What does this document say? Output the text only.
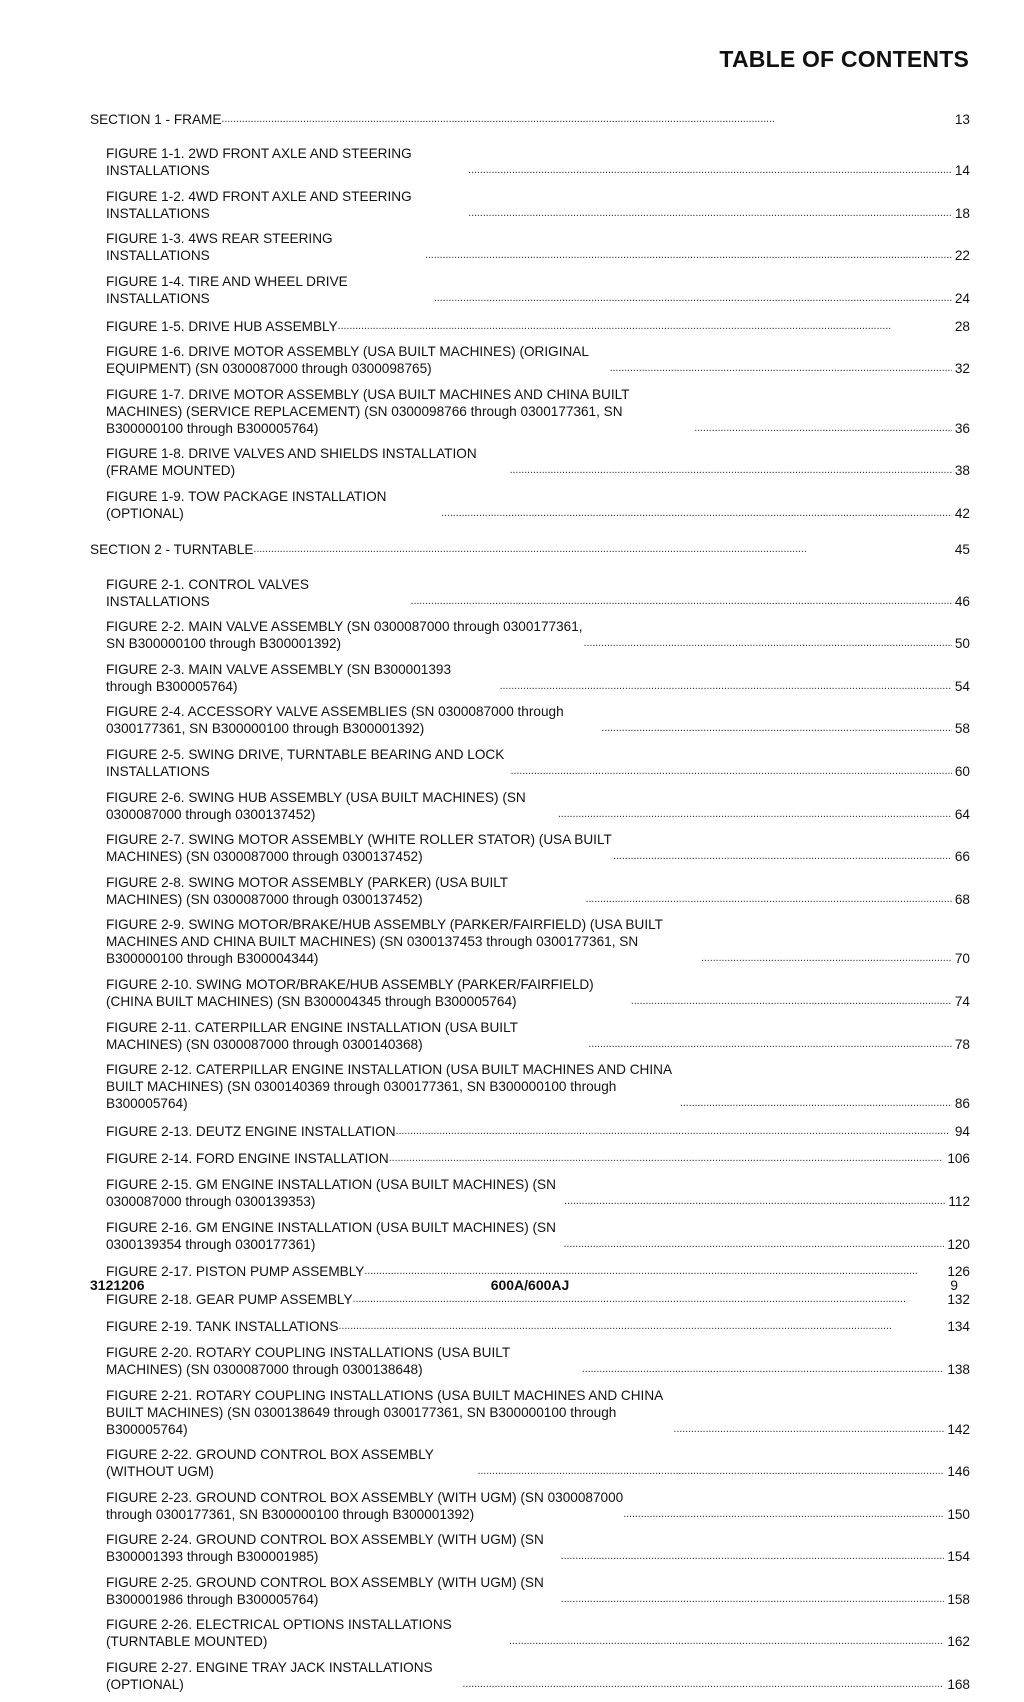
TABLE OF CONTENTS
SECTION 1 - FRAME . . .	13
FIGURE 1-1. 2WD FRONT AXLE AND STEERING INSTALLATIONS . . .	14
FIGURE 1-2. 4WD FRONT AXLE AND STEERING INSTALLATIONS . . .	18
FIGURE 1-3. 4WS REAR STEERING INSTALLATIONS . . .	22
FIGURE 1-4. TIRE AND WHEEL DRIVE INSTALLATIONS . . .	24
FIGURE 1-5. DRIVE HUB ASSEMBLY . . .	28
FIGURE 1-6. DRIVE MOTOR ASSEMBLY (USA BUILT MACHINES) (ORIGINAL EQUIPMENT) (SN 0300087000 through 0300098765) . . .	32
FIGURE 1-7. DRIVE MOTOR ASSEMBLY (USA BUILT MACHINES AND CHINA BUILT MACHINES) (SERVICE REPLACEMENT) (SN 0300098766 through 0300177361, SN B300000100 through B300005764) . . .	36
FIGURE 1-8. DRIVE VALVES AND SHIELDS INSTALLATION (FRAME MOUNTED) . . .	38
FIGURE 1-9. TOW PACKAGE INSTALLATION (OPTIONAL) . . .	42
SECTION 2 - TURNTABLE . . .	45
FIGURE 2-1. CONTROL VALVES INSTALLATIONS . . .	46
FIGURE 2-2. MAIN VALVE ASSEMBLY (SN 0300087000 through 0300177361, SN B300000100 through B300001392) . . .	50
FIGURE 2-3. MAIN VALVE ASSEMBLY (SN B300001393 through B300005764) . . .	54
FIGURE 2-4. ACCESSORY VALVE ASSEMBLIES (SN 0300087000 through 0300177361, SN B300000100 through B300001392) . . .	58
FIGURE 2-5. SWING DRIVE, TURNTABLE BEARING AND LOCK INSTALLATIONS . . .	60
FIGURE 2-6. SWING HUB ASSEMBLY (USA BUILT MACHINES) (SN 0300087000 through 0300137452) . . .	64
FIGURE 2-7. SWING MOTOR ASSEMBLY (WHITE ROLLER STATOR) (USA BUILT MACHINES) (SN 0300087000 through 0300137452) . . .	66
FIGURE 2-8. SWING MOTOR ASSEMBLY (PARKER) (USA BUILT MACHINES) (SN 0300087000 through 0300137452) . . .	68
FIGURE 2-9. SWING MOTOR/BRAKE/HUB ASSEMBLY (PARKER/FAIRFIELD) (USA BUILT MACHINES AND CHINA BUILT MACHINES) (SN 0300137453 through 0300177361, SN B300000100 through B300004344) . . .	70
FIGURE 2-10. SWING MOTOR/BRAKE/HUB ASSEMBLY (PARKER/FAIRFIELD) (CHINA BUILT MACHINES) (SN B300004345 through B300005764) . . .	74
FIGURE 2-11. CATERPILLAR ENGINE INSTALLATION (USA BUILT MACHINES) (SN 0300087000 through 0300140368) . . .	78
FIGURE 2-12. CATERPILLAR ENGINE INSTALLATION (USA BUILT MACHINES AND CHINA BUILT MACHINES) (SN 0300140369 through 0300177361, SN B300000100 through B300005764) . . .	86
FIGURE 2-13. DEUTZ ENGINE INSTALLATION . . .	94
FIGURE 2-14. FORD ENGINE INSTALLATION . . .	106
FIGURE 2-15. GM ENGINE INSTALLATION (USA BUILT MACHINES) (SN 0300087000 through 0300139353) . . .	112
FIGURE 2-16. GM ENGINE INSTALLATION (USA BUILT MACHINES) (SN 0300139354 through 0300177361) . . .	120
FIGURE 2-17. PISTON PUMP ASSEMBLY . . .	126
FIGURE 2-18. GEAR PUMP ASSEMBLY . . .	132
FIGURE 2-19. TANK INSTALLATIONS . . .	134
FIGURE 2-20. ROTARY COUPLING INSTALLATIONS (USA BUILT MACHINES) (SN 0300087000 through 0300138648) . . .	138
FIGURE 2-21. ROTARY COUPLING INSTALLATIONS (USA BUILT MACHINES AND CHINA BUILT MACHINES) (SN 0300138649 through 0300177361, SN B300000100 through B300005764) . . .	142
FIGURE 2-22. GROUND CONTROL BOX ASSEMBLY (WITHOUT UGM) . . .	146
FIGURE 2-23. GROUND CONTROL BOX ASSEMBLY (WITH UGM) (SN 0300087000 through 0300177361, SN B300000100 through B300001392) . . .	150
FIGURE 2-24. GROUND CONTROL BOX ASSEMBLY (WITH UGM) (SN B300001393 through B300001985) . . .	154
FIGURE 2-25. GROUND CONTROL BOX ASSEMBLY (WITH UGM) (SN B300001986 through B300005764) . . .	158
FIGURE 2-26. ELECTRICAL OPTIONS INSTALLATIONS (TURNTABLE MOUNTED) . . .	162
FIGURE 2-27. ENGINE TRAY JACK INSTALLATIONS (OPTIONAL) . . .	168
3121206	600A/600AJ	9
